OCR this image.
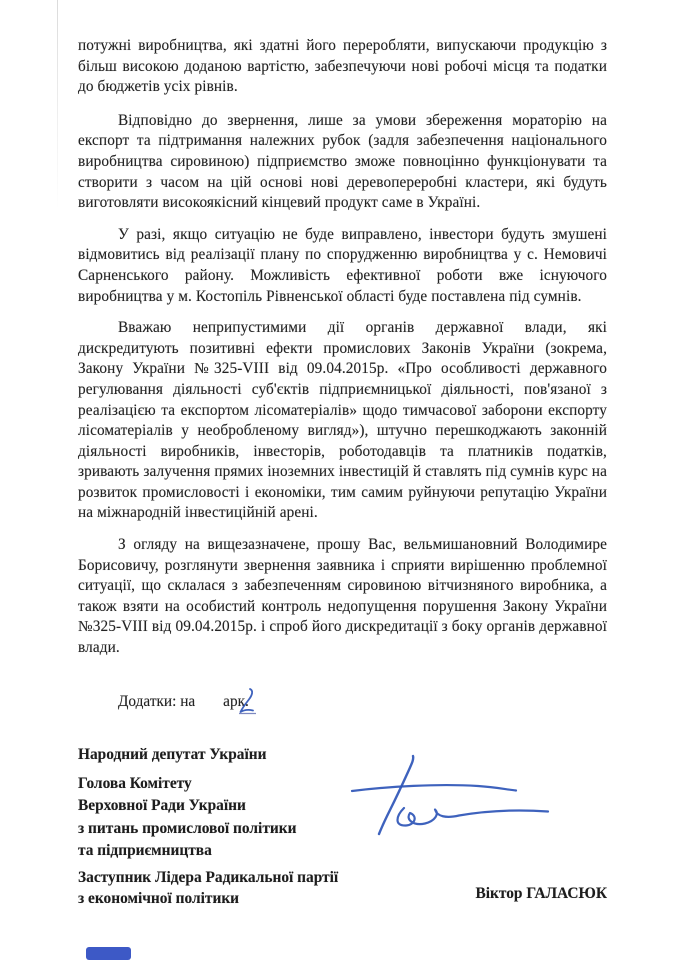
потужні виробництва, які здатні його переробляти, випускаючи продукцію з більш високою доданою вартістю, забезпечуючи нові робочі місця та податки до бюджетів усіх рівнів.

Відповідно до звернення, лише за умови збереження мораторію на експорт та підтримання належних рубок (задля забезпечення національного виробництва сировиною) підприємство зможе повноцінно функціонувати та створити з часом на цій основі нові деревопереробні кластери, які будуть виготовляти високоякісний кінцевий продукт саме в Україні.

У разі, якщо ситуацію не буде виправлено, інвестори будуть змушені відмовитись від реалізації плану по спорудженню виробництва у с. Немовичі Сарненського району. Можливість ефективної роботи вже існуючого виробництва у м. Костопіль Рівненської області буде поставлена під сумнів.

Вважаю неприпустимими дії органів державної влади, які дискредитують позитивні ефекти промислових Законів України (зокрема, Закону України №325-VIII від 09.04.2015р. «Про особливості державного регулювання діяльності суб'єктів підприємницької діяльності, пов'язаної з реалізацією та експортом лісоматеріалів» щодо тимчасової заборони експорту лісоматеріалів у необробленому вигляд»), штучно перешкоджають законній діяльності виробників, інвесторів, роботодавців та платників податків, зривають залучення прямих іноземних інвестицій й ставлять під сумнів курс на розвиток промисловості і економіки, тим самим руйнуючи репутацію України на міжнародній інвестиційній арені.

З огляду на вищезазначене, прошу Вас, вельмишановний Володимире Борисовичу, розглянути звернення заявника і сприяти вирішенню проблемної ситуації, що склалася з забезпеченням сировиною вітчизняного виробника, а також взяти на особистий контроль недопущення порушення Закону України №325-VIII від 09.04.2015р. і спроб його дискредитації з боку органів державної влади.

Додатки: на арк.
Народний депутат України
Голова Комітету
Верховної Ради України
з питань промислової політики
та підприємництва
Заступник Лідера Радикальної партії
з економічної політики	Віктор ГАЛАСЮК
